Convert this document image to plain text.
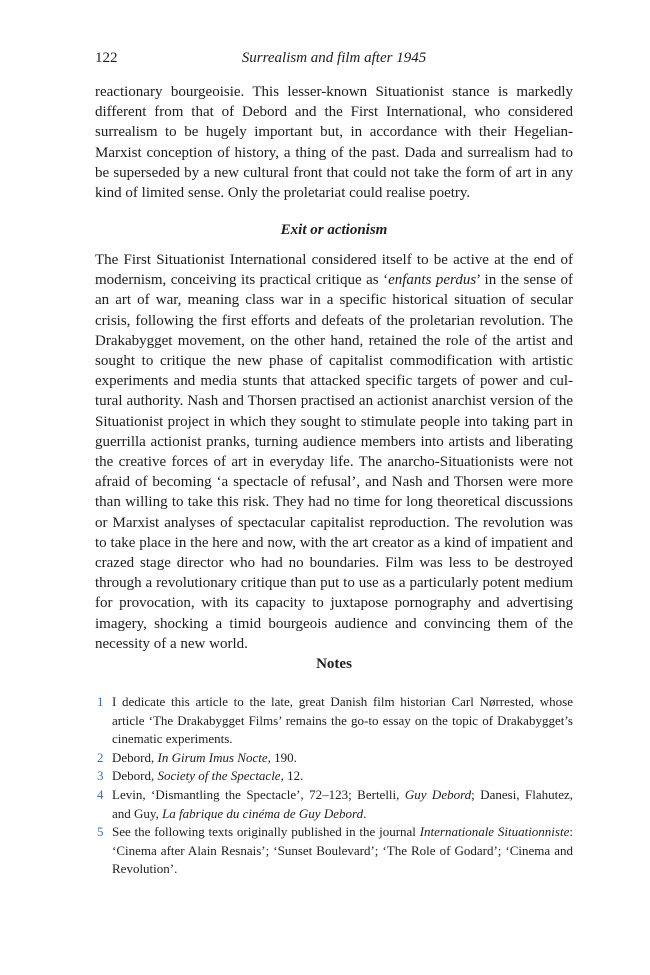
122	Surrealism and film after 1945

reactionary bourgeoisie. This lesser-known Situationist stance is markedly different from that of Debord and the First International, who considered surrealism to be hugely important but, in accordance with their Hegelian-Marxist conception of history, a thing of the past. Dada and surrealism had to be superseded by a new cultural front that could not take the form of art in any kind of limited sense. Only the proletariat could realise poetry.

Exit or actionism

The First Situationist International considered itself to be active at the end of modernism, conceiving its practical critique as ‘enfants perdus’ in the sense of an art of war, meaning class war in a specific historical situation of secular crisis, following the first efforts and defeats of the proletarian revolution. The Drakabygget movement, on the other hand, retained the role of the artist and sought to critique the new phase of capitalist commodification with artistic experiments and media stunts that attacked specific targets of power and cultural authority. Nash and Thorsen practised an actionist anarchist version of the Situationist project in which they sought to stimulate people into taking part in guerrilla actionist pranks, turning audience members into artists and liberating the creative forces of art in everyday life. The anarcho-Situationists were not afraid of becoming ‘a spectacle of refusal’, and Nash and Thorsen were more than willing to take this risk. They had no time for long theoretical discussions or Marxist analyses of spectacular capitalist reproduction. The revolution was to take place in the here and now, with the art creator as a kind of impatient and crazed stage director who had no boundaries. Film was less to be destroyed through a revolutionary critique than put to use as a particularly potent medium for provocation, with its capacity to juxtapose pornography and advertising imagery, shocking a timid bourgeois audience and convincing them of the necessity of a new world.

Notes
1 I dedicate this article to the late, great Danish film historian Carl Nørrested, whose article ‘The Drakabygget Films’ remains the go-to essay on the topic of Drakabygget’s cinematic experiments.
2 Debord, In Girum Imus Nocte, 190.
3 Debord, Society of the Spectacle, 12.
4 Levin, ‘Dismantling the Spectacle’, 72–123; Bertelli, Guy Debord; Danesi, Flahutez, and Guy, La fabrique du cinéma de Guy Debord.
5 See the following texts originally published in the journal Internationale Situationniste: ‘Cinema after Alain Resnais’; ‘Sunset Boulevard’; ‘The Role of Godard’; ‘Cinema and Revolution’.
